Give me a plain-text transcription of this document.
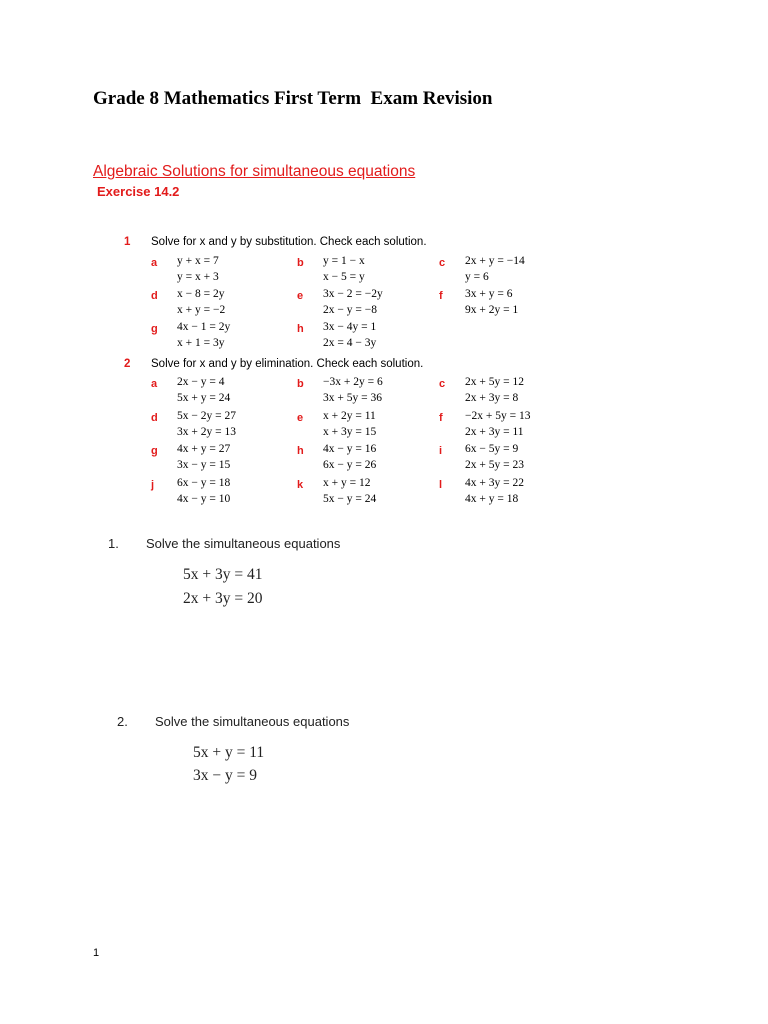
Grade 8 Mathematics First Term  Exam Revision
Algebraic Solutions for simultaneous equations
Exercise 14.2
1 Solve for x and y by substitution. Check each solution.
a y + x = 7
y = x + 3
b y = 1 − x
x − 5 = y
c 2x + y = −14
y = 6
d x − 8 = 2y
x + y = −2
e 3x − 2 = −2y
2x − y = −8
f 3x + y = 6
9x + 2y = 1
g 4x − 1 = 2y
x + 1 = 3y
h 3x − 4y = 1
2x = 4 − 3y
2 Solve for x and y by elimination. Check each solution.
a 2x − y = 4
5x + y = 24
b −3x + 2y = 6
3x + 5y = 36
c 2x + 5y = 12
2x + 3y = 8
d 5x − 2y = 27
3x + 2y = 13
e x + 2y = 11
x + 3y = 15
f −2x + 5y = 13
2x + 3y = 11
g 4x + y = 27
3x − y = 15
h 4x − y = 16
6x − y = 26
i 6x − 5y = 9
2x + 5y = 23
j 6x − y = 18
4x − y = 10
k x + y = 12
5x − y = 24
l 4x + 3y = 22
4x + y = 18
1. Solve the simultaneous equations
5x + 3y = 41
2x + 3y = 20
2. Solve the simultaneous equations
5x + y = 11
3x − y = 9
1
